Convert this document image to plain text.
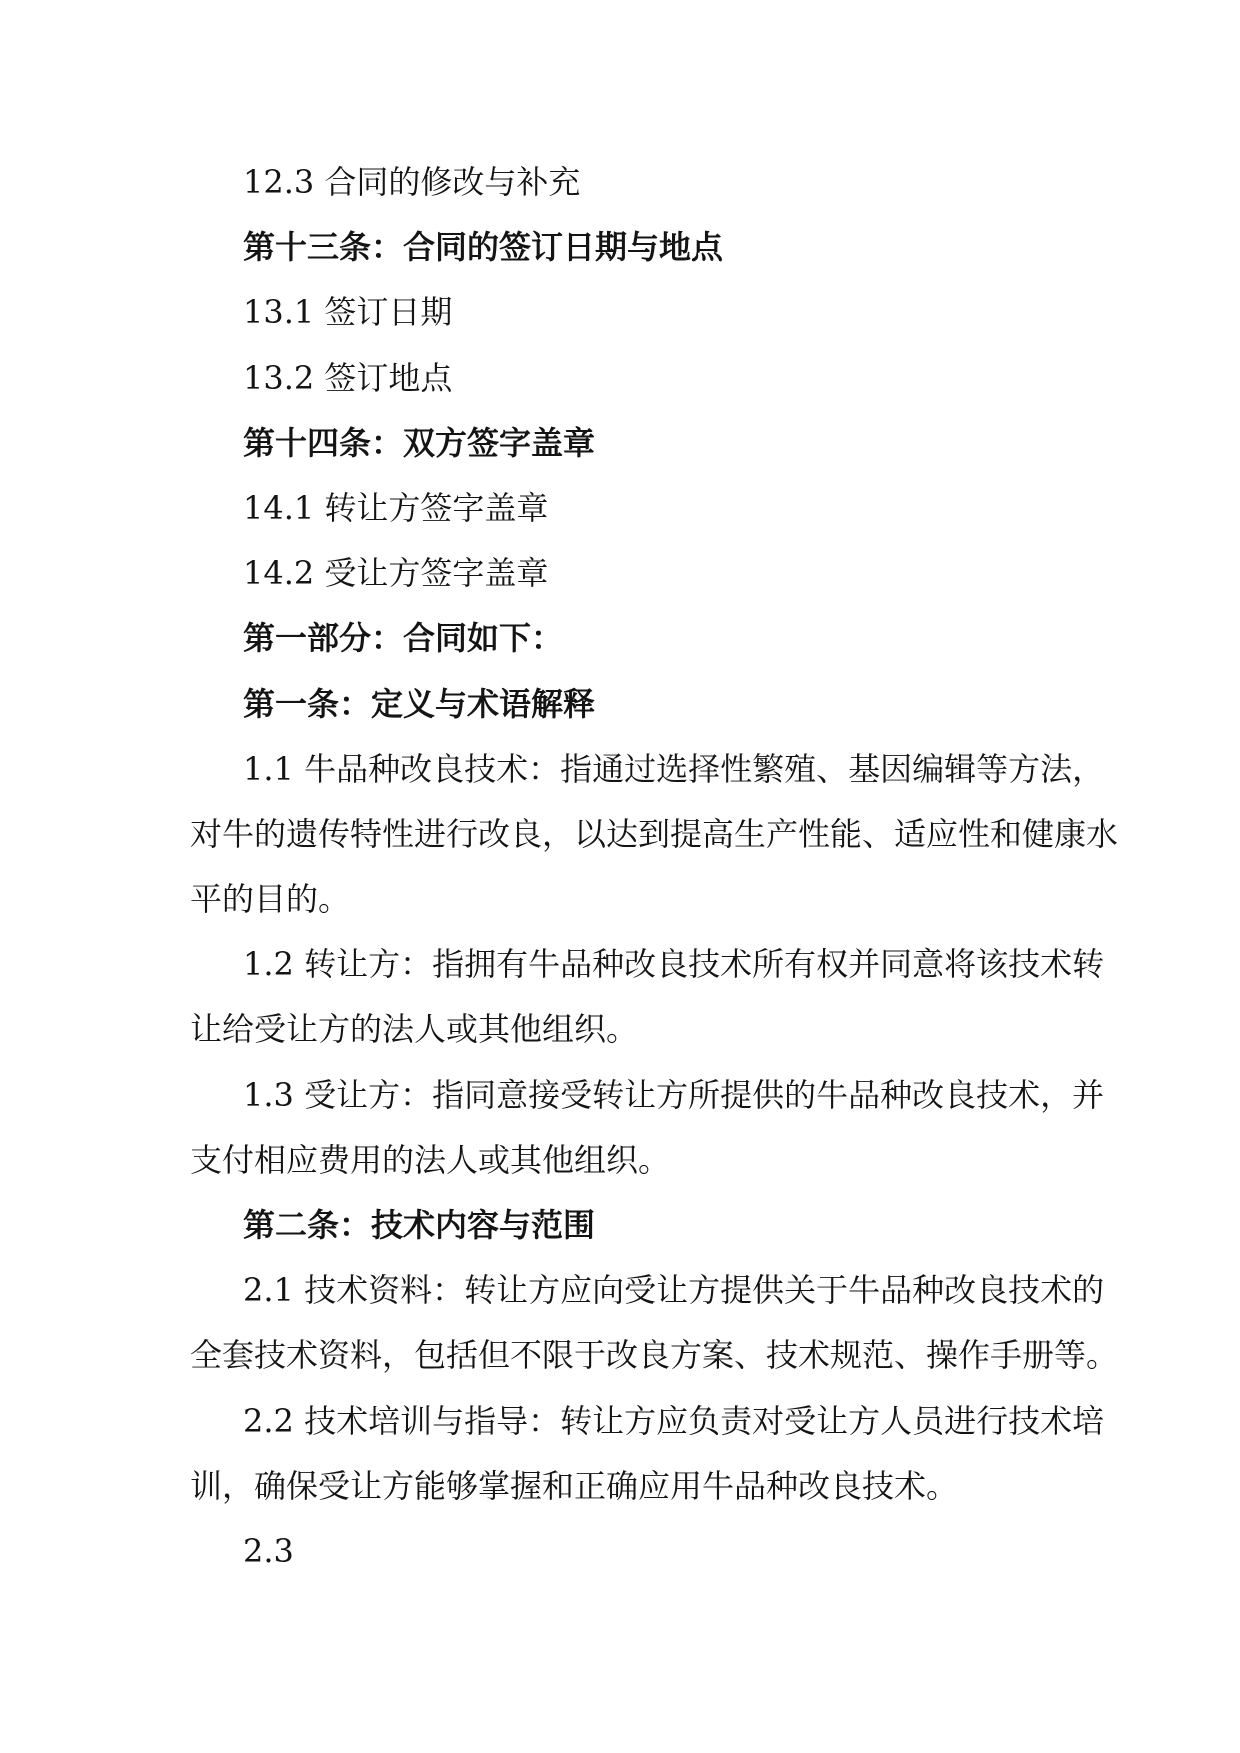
12.3 合同的修改与补充
第十三条：合同的签订日期与地点
13.1 签订日期
13.2 签订地点
第十四条：双方签字盖章
14.1 转让方签字盖章
14.2 受让方签字盖章
第一部分：合同如下：
第一条：定义与术语解释
1.1 牛品种改良技术：指通过选择性繁殖、基因编辑等方法，
对牛的遗传特性进行改良，以达到提高生产性能、适应性和健康水
平的目的。
1.2 转让方：指拥有牛品种改良技术所有权并同意将该技术转
让给受让方的法人或其他组织。
1.3 受让方：指同意接受转让方所提供的牛品种改良技术，并
支付相应费用的法人或其他组织。
第二条：技术内容与范围
2.1 技术资料：转让方应向受让方提供关于牛品种改良技术的
全套技术资料，包括但不限于改良方案、技术规范、操作手册等。
2.2 技术培训与指导：转让方应负责对受让方人员进行技术培
训，确保受让方能够掌握和正确应用牛品种改良技术。
2.3
